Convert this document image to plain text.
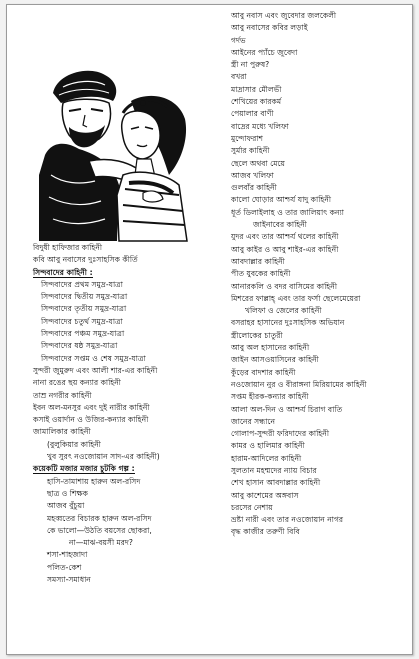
বিদুষী হাফিজার কাহিনী
কবি আবু নবাসের দুঃসাহসিক কীর্তি
সিন্দবাদের কাহিনী :
সিন্দবাদের প্রথম সমুদ্র-যাত্রা
সিন্দবাদের দ্বিতীয় সমুদ্র-যাত্রা
সিন্দবাদের তৃতীয় সমুদ্র-যাত্রা
সিন্দবাদের চতুর্থ সমুদ্র-যাত্রা
সিন্দবাদের পঞ্চম সমুদ্র-যাত্রা
সিন্দবাদের ষষ্ঠ সমুদ্র-যাত্রা
সিন্দবাদের সপ্তম ও শেষ সমুদ্র-যাত্রা
সুন্দরী জুমুরুদ এবং আলী শার-এর কাহিনী
নানা রঙের ছয় কন্যার কাহিনী
তাম্র নগরীর কাহিনী
ইবন অল-মনসুর এবং দুই নারীর কাহিনী
কসাই ওয়ার্দান ও উজির-কন্যার কাহিনী
জামালিকার কাহিনী
(বুলুকিয়ার কাহিনী
খুব সুরৎ নওজোয়ান সাদ-এর কাহিনী)
কয়েকটি মজার মজার চুটকি গল্প :
হাসি-তামাশায় হারুন অল-রসিদ
ছাত্র ও শিক্ষক
আজব বুঁচুয়া
মহব্বতের বিচারক হারুন অল-রসিদ
কে ভালো—উঠতি বয়সের ছোকরা,
না—মাঝ-বয়সী মরদ?
শসা-শাহজাদা
পলিত-কেশ
সমস্যা-সমাধান
আবু নবাস এবং জুবেদার জলকেলী
আবু নবাসের কবির লড়াই
গর্দভ
আইনের প্যাঁচে জুবেদা
স্ত্রী না পুরুষ?
বখরা
মাদ্রাসার মৌলভী
শেখিয়ের কারকর্ম
পেয়ালার বাণী
বাদ্রের মধ্যে খলিফা
মুন্দোফরাশ
সুর্মার কাহিনী
ছেলে অথবা মেয়ে
আজব খলিফা
গুলবাঁর কাহিনী
কালো ঘোড়ার আশ্চর্য যাদু কাহিনী
ধূর্ত ডিলাইলাহ ও তার জালিয়াৎ কন্যা
জাইনাবের কাহিনী
যুদর এবং তার আশ্চর্য থলের কাহিনী
আবু কাইর ও আবু শাইর-এর কাহিনী
আবদাল্লার কাহিনী
পীত যুবকের কাহিনী
আনারকলি ও বদর বাসিমের কাহিনী
মিশরের ফাল্লাহ্ এবং তার ফর্সা ছেলেমেয়েরা
খলিফা ও জেলের কাহিনী
বসরাহর হাসানের দুঃসাহসিক অভিযান
স্ত্রীলোকের চাতুরী
আবু অল হাসানের কাহিনী
জাইন আসওয়াসিনের কাহিনী
কুঁড়ের বাদশার কাহিনী
নওজোয়ান নুর ও বীরাঙ্গনা মিরিয়ামের কাহিনী
সপ্তম হীরক-কন্যার কাহিনী
আলা অল-দিন ও আশ্চর্য চিরাগ বাতি
জানের সন্ধানে
গোলাপ-সুন্দরী ফরিদাদের কাহিনী
কামর ও হালিমার কাহিনী
হারাম-আদিলের কাহিনী
সুলতান মহম্মদের ন্যায় বিচার
শেখ হাসান আবদাল্লার কাহিনী
আবু কাশেমের অঙ্গবাস
চরসের নেশায়
ভ্রষ্টা নারী এবং তার নওজোয়ান নাগর
বৃদ্ধ কাজীর তরুণী বিবি
